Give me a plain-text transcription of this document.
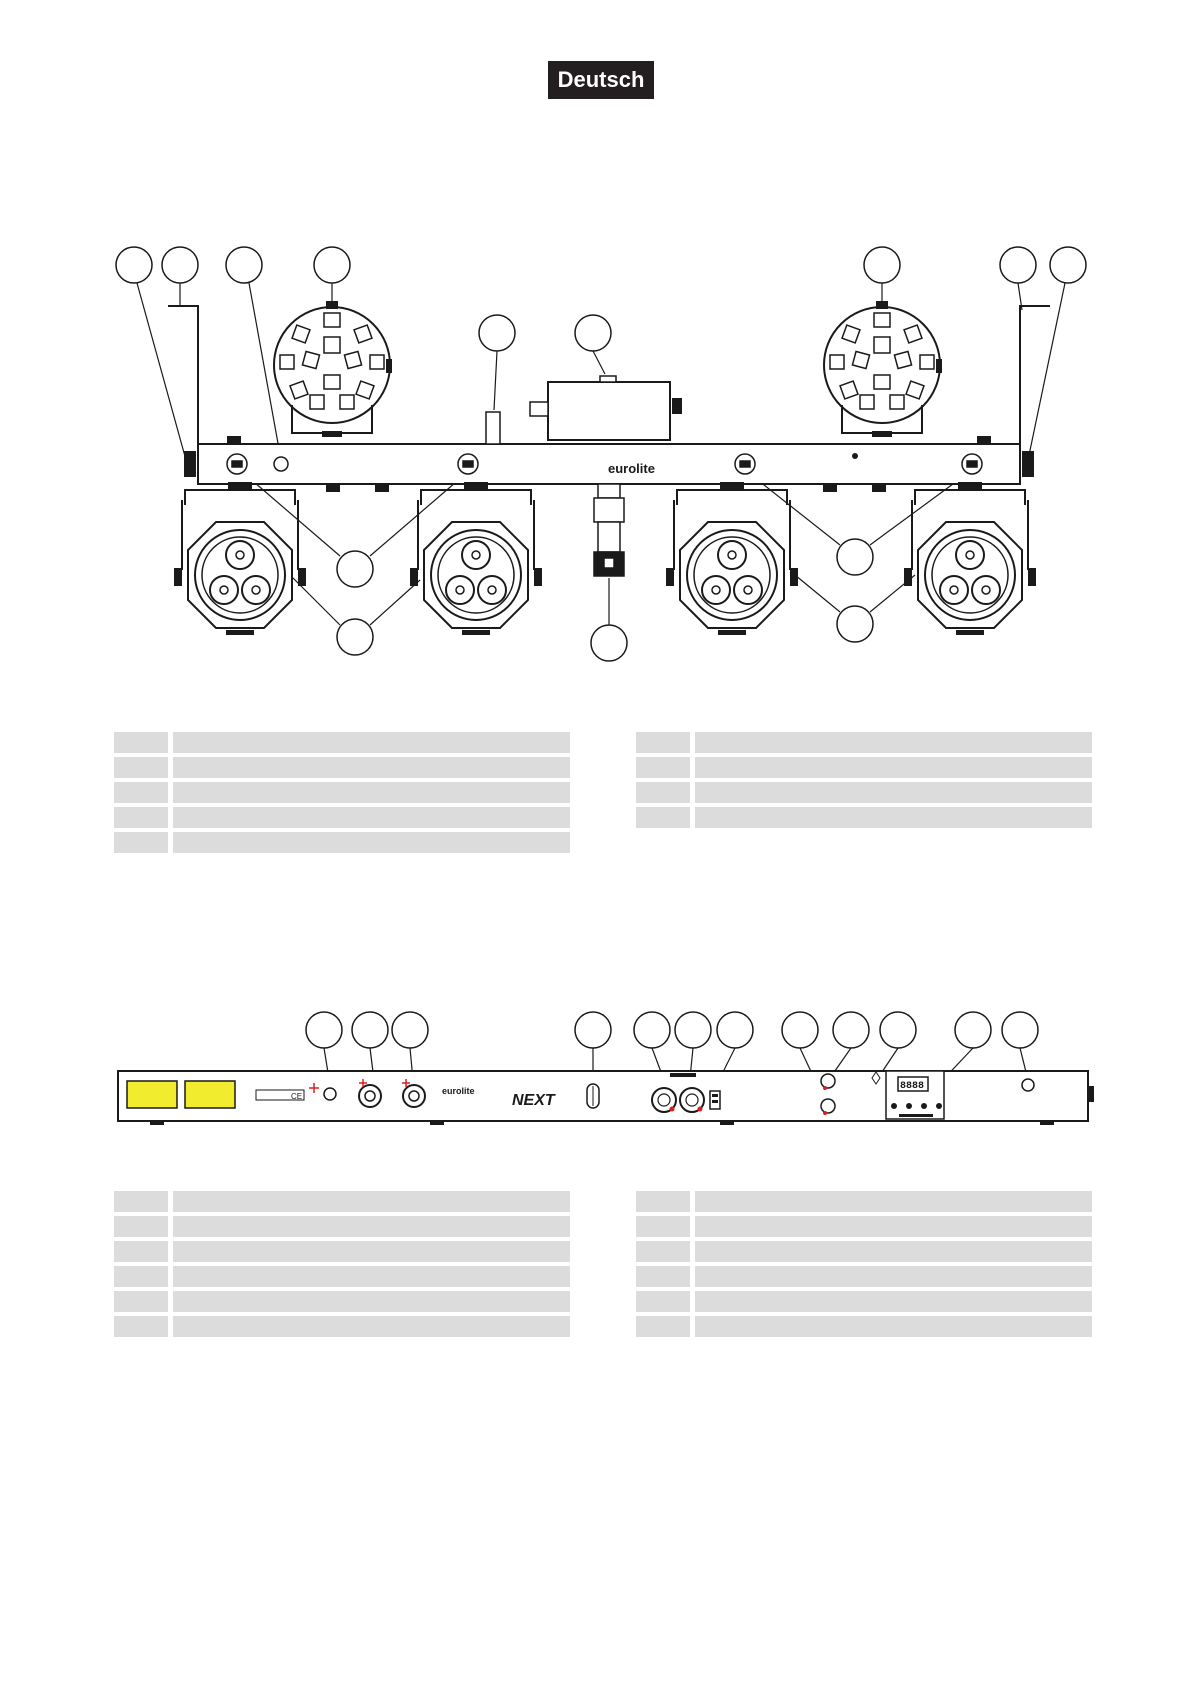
Deutsch
eurolite
CE
eurolite
NEXT
8888
